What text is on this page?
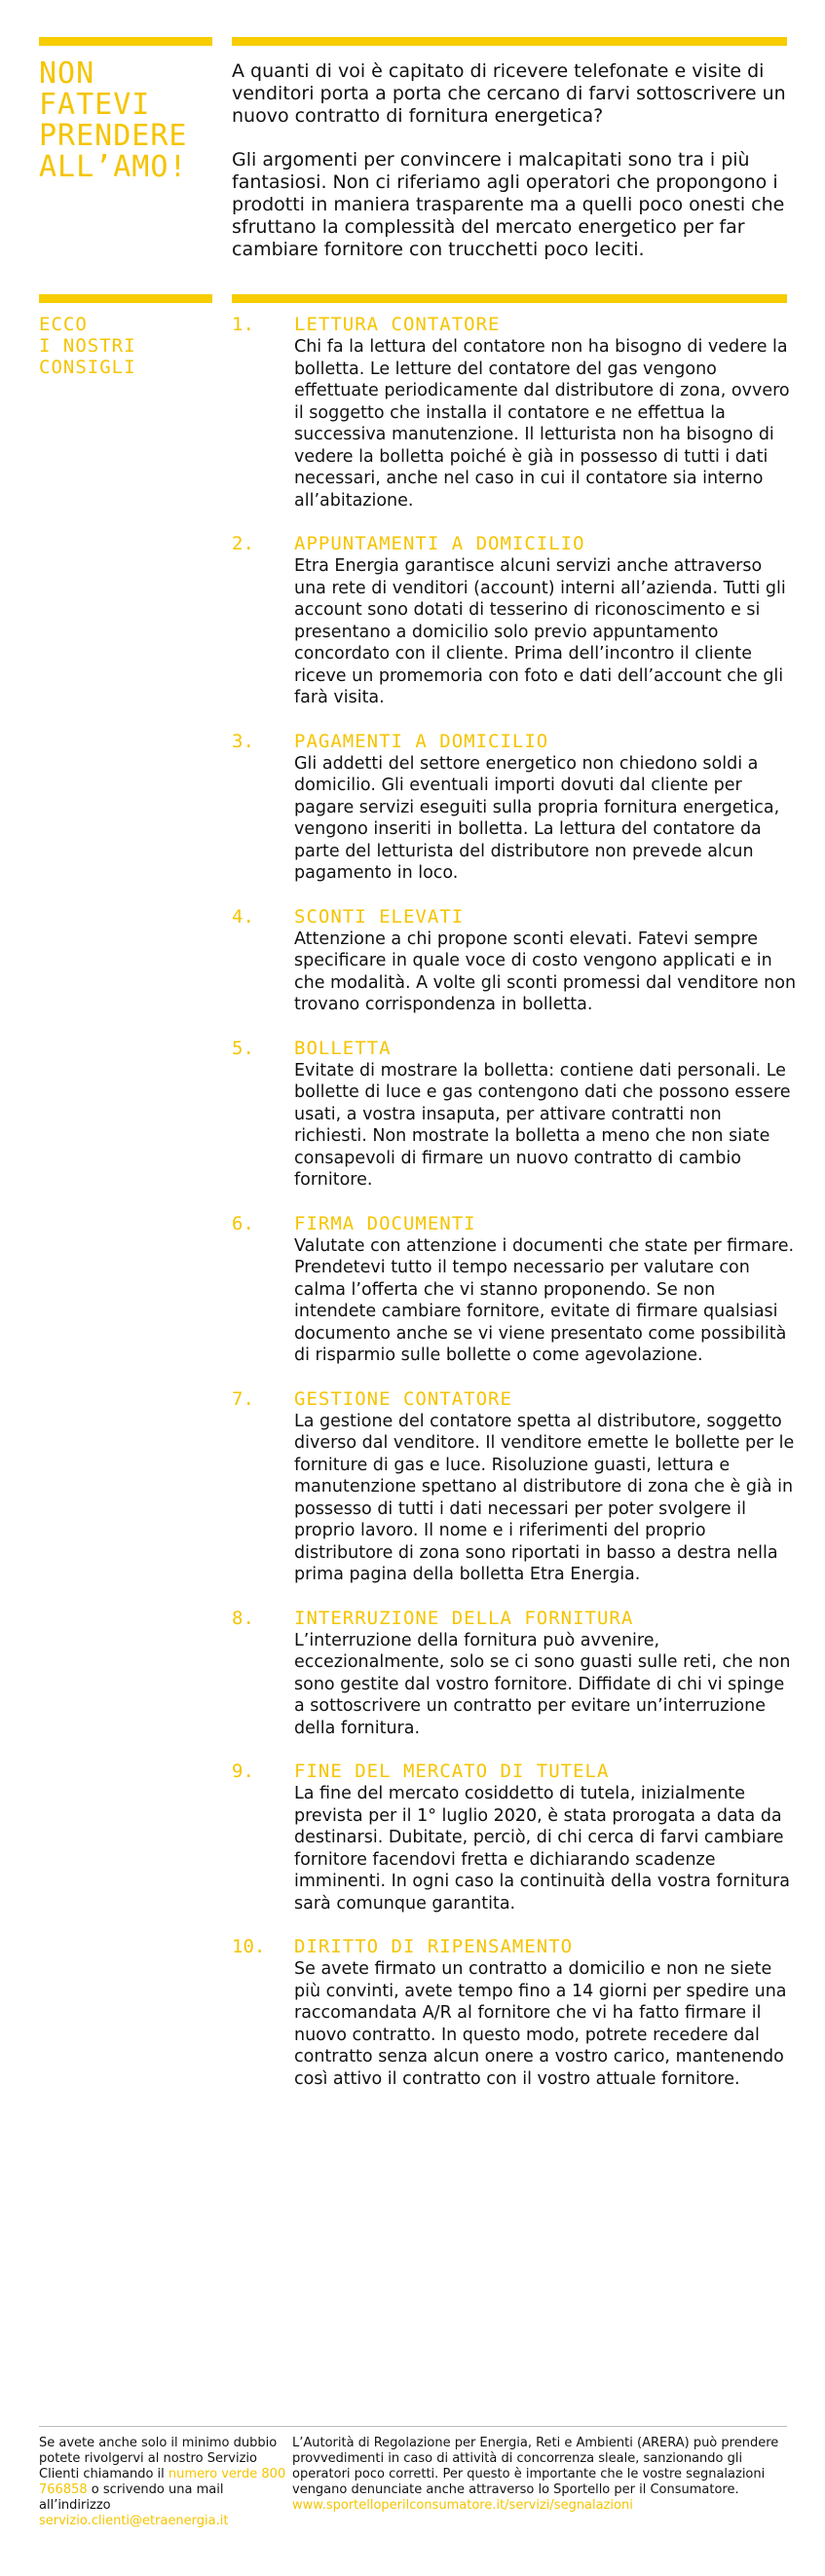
NON
FATEVI
PRENDERE
ALL’AMO!

A quanti di voi è capitato di ricevere telefonate e visite di venditori porta a porta che cercano di farvi sottoscrivere un nuovo contratto di fornitura energetica?

Gli argomenti per convincere i malcapitati sono tra i più fantasiosi. Non ci riferiamo agli operatori che propongono i prodotti in maniera trasparente ma a quelli poco onesti che sfruttano la complessità del mercato energetico per far cambiare fornitore con trucchetti poco leciti.

ECCO
I NOSTRI
CONSIGLI
1. LETTURA CONTATORE

Chi fa la lettura del contatore non ha bisogno di vedere la bolletta. Le letture del contatore del gas vengono effettuate periodicamente dal distributore di zona, ovvero il soggetto che installa il contatore e ne effettua la successiva manutenzione. Il letturista non ha bisogno di vedere la bolletta poiché è già in possesso di tutti i dati necessari, anche nel caso in cui il contatore sia interno all’abitazione.

2. APPUNTAMENTI A DOMICILIO

Etra Energia garantisce alcuni servizi anche attraverso una rete di venditori (account) interni all’azienda. Tutti gli account sono dotati di tesserino di riconoscimento e si presentano a domicilio solo previo appuntamento concordato con il cliente. Prima dell’incontro il cliente riceve un promemoria con foto e dati dell’account che gli farà visita.

3. PAGAMENTI A DOMICILIO

Gli addetti del settore energetico non chiedono soldi a domicilio. Gli eventuali importi dovuti dal cliente per pagare servizi eseguiti sulla propria fornitura energetica, vengono inseriti in bolletta. La lettura del contatore da parte del letturista del distributore non prevede alcun pagamento in loco.

4. SCONTI ELEVATI

Attenzione a chi propone sconti elevati. Fatevi sempre specificare in quale voce di costo vengono applicati e in che modalità. A volte gli sconti promessi dal venditore non trovano corrispondenza in bolletta.

5. BOLLETTA

Evitate di mostrare la bolletta: contiene dati personali. Le bollette di luce e gas contengono dati che possono essere usati, a vostra insaputa, per attivare contratti non richiesti. Non mostrate la bolletta a meno che non siate consapevoli di firmare un nuovo contratto di cambio fornitore.

6. FIRMA DOCUMENTI

Valutate con attenzione i documenti che state per firmare. Prendetevi tutto il tempo necessario per valutare con calma l’offerta che vi stanno proponendo. Se non intendete cambiare fornitore, evitate di firmare qualsiasi documento anche se vi viene presentato come possibilità di risparmio sulle bollette o come agevolazione.

7. GESTIONE CONTATORE

La gestione del contatore spetta al distributore, soggetto diverso dal venditore. Il venditore emette le bollette per le forniture di gas e luce. Risoluzione guasti, lettura e manutenzione spettano al distributore di zona che è già in possesso di tutti i dati necessari per poter svolgere il proprio lavoro. Il nome e i riferimenti del proprio distributore di zona sono riportati in basso a destra nella prima pagina della bolletta Etra Energia.

8. INTERRUZIONE DELLA FORNITURA

L’interruzione della fornitura può avvenire, eccezionalmente, solo se ci sono guasti sulle reti, che non sono gestite dal vostro fornitore. Diffidate di chi vi spinge a sottoscrivere un contratto per evitare un’interruzione della fornitura.

9. FINE DEL MERCATO DI TUTELA

La fine del mercato cosiddetto di tutela, inizialmente prevista per il 1° luglio 2020, è stata prorogata a data da destinarsi. Dubitate, perciò, di chi cerca di farvi cambiare fornitore facendovi fretta e dichiarando scadenze imminenti. In ogni caso la continuità della vostra fornitura sarà comunque garantita.

10. DIRITTO DI RIPENSAMENTO

Se avete firmato un contratto a domicilio e non ne siete più convinti, avete tempo fino a 14 giorni per spedire una raccomandata A/R al fornitore che vi ha fatto firmare il nuovo contratto. In questo modo, potrete recedere dal contratto senza alcun onere a vostro carico, mantenendo così attivo il contratto con il vostro attuale fornitore.

Se avete anche solo il minimo dubbio potete rivolgervi al nostro Servizio Clienti chiamando il numero verde 800 766858 o scrivendo una mail all’indirizzo servizio.clienti@etraenergia.it
L’Autorità di Regolazione per Energia, Reti e Ambienti (ARERA) può prendere provvedimenti in caso di attività di concorrenza sleale, sanzionando gli operatori poco corretti. Per questo è importante che le vostre segnalazioni vengano denunciate anche attraverso lo Sportello per il Consumatore. www.sportelloperilconsumatore.it/servizi/segnalazioni
